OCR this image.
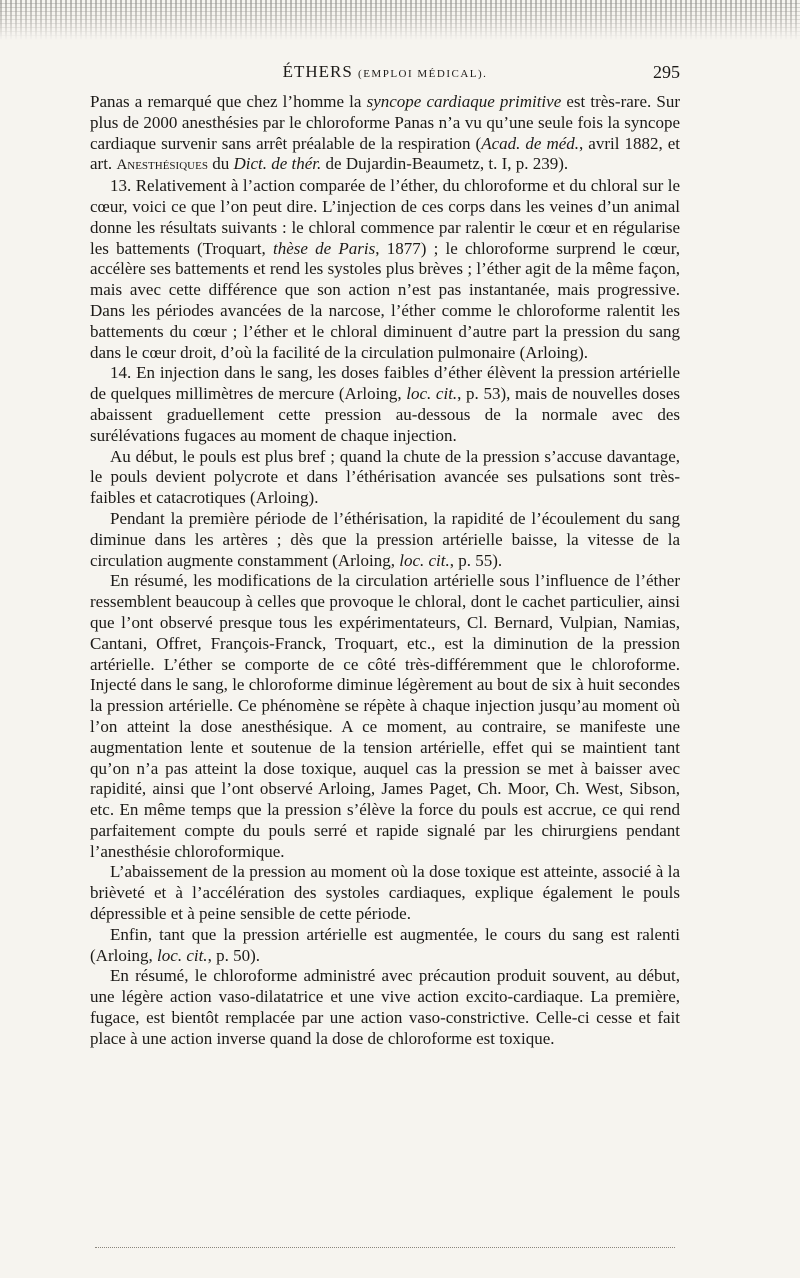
ÉTHERS (EMPLOI MÉDICAL).	295

Panas a remarqué que chez l’homme la syncope cardiaque primitive est très-rare. Sur plus de 2000 anesthésies par le chloroforme Panas n’a vu qu’une seule fois la syncope cardiaque survenir sans arrêt préalable de la respiration (Acad. de méd., avril 1882, et art. Anesthésiques du Dict. de thér. de Dujardin-Beaumetz, t. I, p. 239).

13. Relativement à l’action comparée de l’éther, du chloroforme et du chloral sur le cœur, voici ce que l’on peut dire. L’injection de ces corps dans les veines d’un animal donne les résultats suivants : le chloral commence par ralentir le cœur et en régularise les battements (Troquart, thèse de Paris, 1877) ; le chloroforme surprend le cœur, accélère ses battements et rend les systoles plus brèves ; l’éther agit de la même façon, mais avec cette différence que son action n’est pas instantanée, mais progressive. Dans les périodes avancées de la narcose, l’éther comme le chloroforme ralentit les battements du cœur ; l’éther et le chloral diminuent d’autre part la pression du sang dans le cœur droit, d’où la facilité de la circulation pulmonaire (Arloing).

14. En injection dans le sang, les doses faibles d’éther élèvent la pression artérielle de quelques millimètres de mercure (Arloing, loc. cit., p. 53), mais de nouvelles doses abaissent graduellement cette pression au-dessous de la normale avec des surélévations fugaces au moment de chaque injection.

Au début, le pouls est plus bref ; quand la chute de la pression s’accuse davantage, le pouls devient polycrote et dans l’éthérisation avancée ses pulsations sont très-faibles et catacrotiques (Arloing).

Pendant la première période de l’éthérisation, la rapidité de l’écoulement du sang diminue dans les artères ; dès que la pression artérielle baisse, la vitesse de la circulation augmente constamment (Arloing, loc. cit., p. 55).

En résumé, les modifications de la circulation artérielle sous l’influence de l’éther ressemblent beaucoup à celles que provoque le chloral, dont le cachet particulier, ainsi que l’ont observé presque tous les expérimentateurs, Cl. Bernard, Vulpian, Namias, Cantani, Offret, François-Franck, Troquart, etc., est la diminution de la pression artérielle. L’éther se comporte de ce côté très-différemment que le chloroforme. Injecté dans le sang, le chloroforme diminue légèrement au bout de six à huit secondes la pression artérielle. Ce phénomène se répète à chaque injection jusqu’au moment où l’on atteint la dose anesthésique. A ce moment, au contraire, se manifeste une augmentation lente et soutenue de la tension artérielle, effet qui se maintient tant qu’on n’a pas atteint la dose toxique, auquel cas la pression se met à baisser avec rapidité, ainsi que l’ont observé Arloing, James Paget, Ch. Moor, Ch. West, Sibson, etc. En même temps que la pression s’élève la force du pouls est accrue, ce qui rend parfaitement compte du pouls serré et rapide signalé par les chirurgiens pendant l’anesthésie chloroformique.

L’abaissement de la pression au moment où la dose toxique est atteinte, associé à la brièveté et à l’accélération des systoles cardiaques, explique également le pouls dépressible et à peine sensible de cette période.

Enfin, tant que la pression artérielle est augmentée, le cours du sang est ralenti (Arloing, loc. cit., p. 50).

En résumé, le chloroforme administré avec précaution produit souvent, au début, une légère action vaso-dilatatrice et une vive action excito-cardiaque. La première, fugace, est bientôt remplacée par une action vaso-constrictive. Celle-ci cesse et fait place à une action inverse quand la dose de chloroforme est toxique.
